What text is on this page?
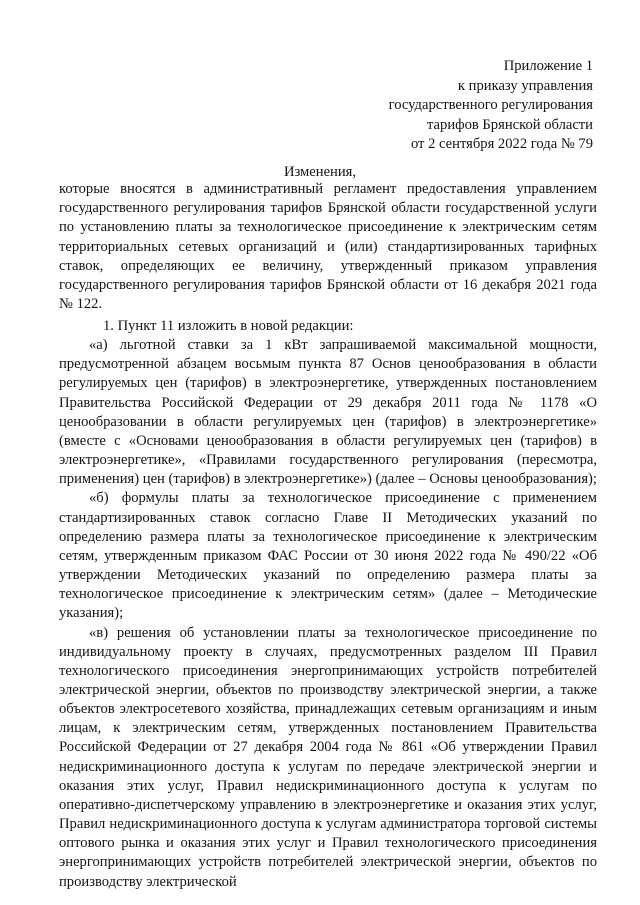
Приложение 1
к приказу управления
государственного регулирования
тарифов Брянской области
от 2 сентября 2022 года № 79
Изменения,
которые вносятся в административный регламент предоставления управлением государственного регулирования тарифов Брянской области государственной услуги по установлению платы за технологическое присоединение к электрическим сетям территориальных сетевых организаций и (или) стандартизированных тарифных ставок, определяющих ее величину, утвержденный приказом управления государственного регулирования тарифов Брянской области от 16 декабря 2021 года № 122.

1. Пункт 11 изложить в новой редакции:

«а) льготной ставки за 1 кВт запрашиваемой максимальной мощности, предусмотренной абзацем восьмым пункта 87 Основ ценообразования в области регулируемых цен (тарифов) в электроэнергетике, утвержденных постановлением Правительства Российской Федерации от 29 декабря 2011 года № 1178 «О ценообразовании в области регулируемых цен (тарифов) в электроэнергетике» (вместе с «Основами ценообразования в области регулируемых цен (тарифов) в электроэнергетике», «Правилами государственного регулирования (пересмотра, применения) цен (тарифов) в электроэнергетике») (далее – Основы ценообразования);

«б) формулы платы за технологическое присоединение с применением стандартизированных ставок согласно Главе II Методических указаний по определению размера платы за технологическое присоединение к электрическим сетям, утвержденным приказом ФАС России от 30 июня 2022 года № 490/22 «Об утверждении Методических указаний по определению размера платы за технологическое присоединение к электрическим сетям» (далее – Методические указания);

«в) решения об установлении платы за технологическое присоединение по индивидуальному проекту в случаях, предусмотренных разделом III Правил технологического присоединения энергопринимающих устройств потребителей электрической энергии, объектов по производству электрической энергии, а также объектов электросетевого хозяйства, принадлежащих сетевым организациям и иным лицам, к электрическим сетям, утвержденных постановлением Правительства Российской Федерации от 27 декабря 2004 года № 861 «Об утверждении Правил недискриминационного доступа к услугам по передаче электрической энергии и оказания этих услуг, Правил недискриминационного доступа к услугам по оперативно-диспетчерскому управлению в электроэнергетике и оказания этих услуг, Правил недискриминационного доступа к услугам администратора торговой системы оптового рынка и оказания этих услуг и Правил технологического присоединения энергопринимающих устройств потребителей электрической энергии, объектов по производству электрической
